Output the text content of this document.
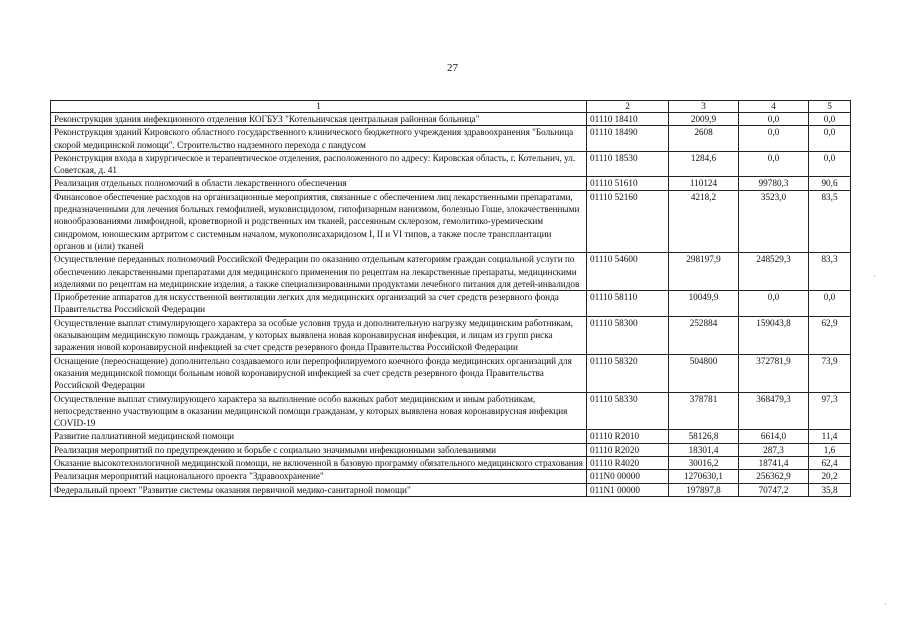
27
1	2	3	4	5
Реконструкция здания инфекционного отделения КОГБУЗ "Котельничская центральная районная больница"	01110 18410	2009,9	0,0	0,0
Реконструкция зданий Кировского областного государственного клинического бюджетного учреждения здравоохранения "Больница скорой медицинской помощи". Строительство надземного перехода с пандусом	01110 18490	2608	0,0	0,0
Реконструкция входа в хирургическое и терапевтическое отделения, расположенного по адресу: Кировская область, г. Котельнич, ул. Советская, д. 41	01110 18530	1284,6	0,0	0,0
Реализация отдельных полномочий в области лекарственного обеспечения	01110 51610	110124	99780,3	90,6
Финансовое обеспечение расходов на организационные мероприятия, связанные с обеспечением лиц лекарственными препаратами, предназначенными для лечения больных гемофилией, муковисцидозом, гипофизарным нанизмом, болезнью Гоше, злокачественными новообразованиями лимфоидной, кроветворной и родственных им тканей, рассеянным склерозом, гемолитико-уремическим синдромом, юношеским артритом с системным началом, мукополисахаридозом I, II и VI типов, а также после трансплантации органов и (или) тканей	01110 52160	4218,2	3523,0	83,5
Осуществление переданных полномочий Российской Федерации по оказанию отдельным категориям граждан социальной услуги по обеспечению лекарственными препаратами для медицинского применения по рецептам на лекарственные препараты, медицинскими изделиями по рецептам на медицинские изделия, а также специализированными продуктами лечебного питания для детей-инвалидов	01110 54600	298197,9	248529,3	83,3
Приобретение аппаратов для искусственной вентиляции легких для медицинских организаций за счет средств резервного фонда Правительства Российской Федерации	01110 58110	10049,9	0,0	0,0
Осуществление выплат стимулирующего характера за особые условия труда и дополнительную нагрузку медицинским работникам, оказывающим медицинскую помощь гражданам, у которых выявлена новая коронавирусная инфекция, и лицам из групп риска заражения новой коронавирусной инфекцией за счет средств резервного фонда Правительства Российской Федерации	01110 58300	252884	159043,8	62,9
Оснащение (переоснащение) дополнительно создаваемого или перепрофилируемого коечного фонда медицинских организаций для оказания медицинской помощи больным новой коронавирусной инфекцией за счет средств резервного фонда Правительства Российской Федерации	01110 58320	504800	372781,9	73,9
Осуществление выплат стимулирующего характера за выполнение особо важных работ медицинским и иным работникам, непосредственно участвующим в оказании медицинской помощи гражданам, у которых выявлена новая коронавирусная инфекция COVID-19	01110 58330	378781	368479,3	97,3
Развитие паллиативной медицинской помощи	01110 R2010	58126,8	6614,0	11,4
Реализация мероприятий по предупреждению и борьбе с социально значимыми инфекционными заболеваниями	01110 R2020	18301,4	287,3	1,6
Оказание высокотехнологичной медицинской помощи, не включенной в базовую программу обязательного медицинского страхования	01110 R4020	30016,2	18741,4	62,4
Реализация мероприятий национального проекта "Здравоохранение"	011N0 00000	1270630,1	256362,9	20,2
Федеральный проект "Развитие системы оказания первичной медико-санитарной помощи"	011N1 00000	197897,8	70747,2	35,8
·
·
